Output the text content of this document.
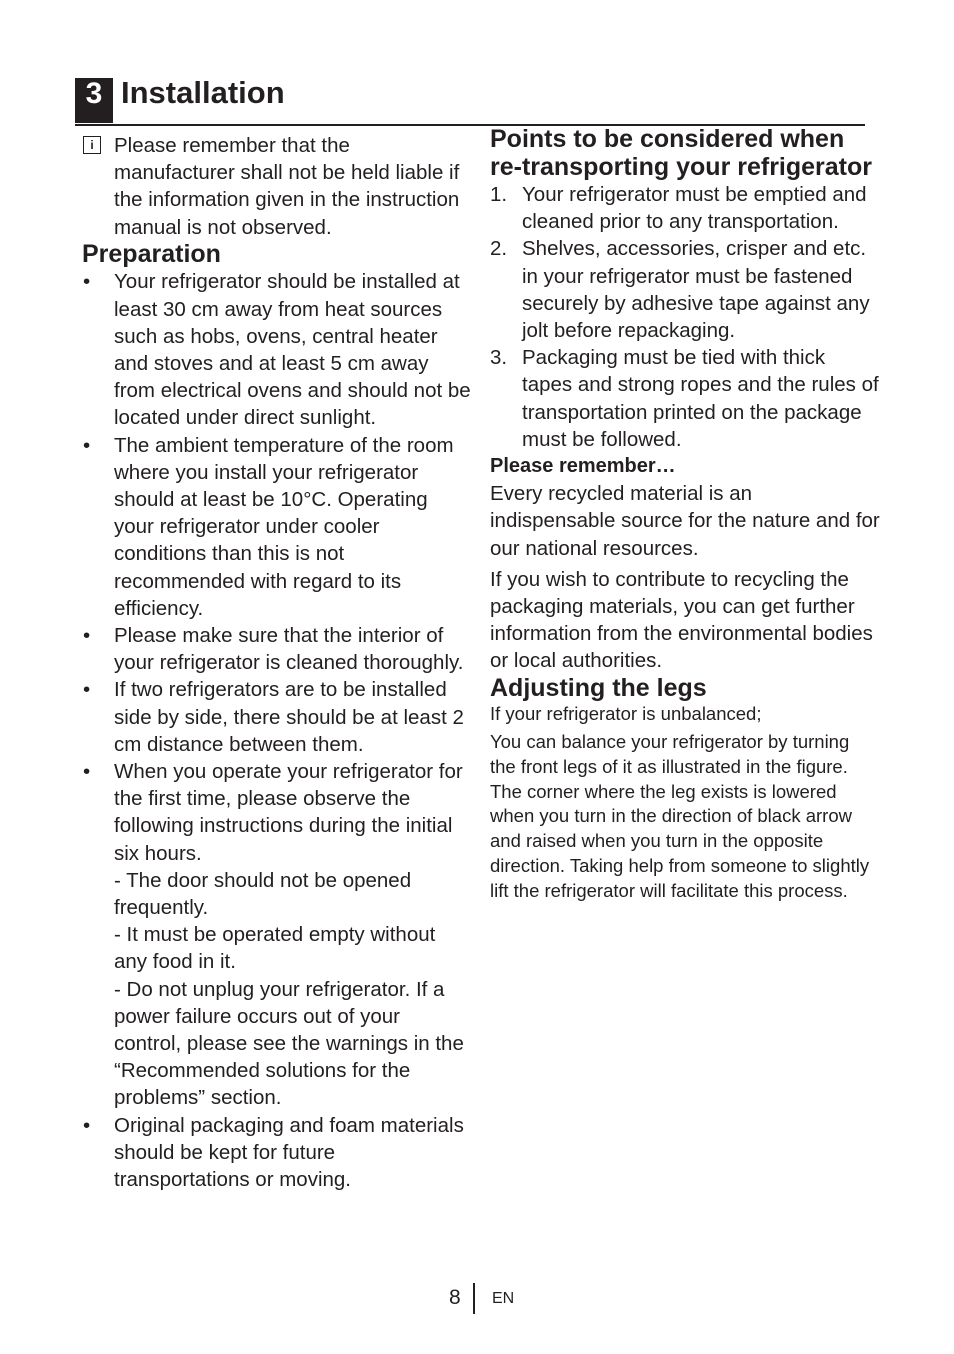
3 Installation
i Please remember that the manufacturer shall not be held liable if the information given in the instruction manual is not observed.

Preparation
• Your refrigerator should be installed at least 30 cm away from heat sources such as hobs, ovens, central heater and stoves and at least 5 cm away from electrical ovens and should not be located under direct sunlight.
• The ambient temperature of the room where you install your refrigerator should at least be 10°C. Operating your refrigerator under cooler conditions than this is not recommended with regard to its efficiency.
• Please make sure that the interior of your refrigerator is cleaned thoroughly.
• If two refrigerators are to be installed side by side, there should be at least 2 cm distance between them.
• When you operate your refrigerator for the first time, please observe the following instructions during the initial six hours.
- The door should not be opened frequently.
- It must be operated empty without any food in it.
- Do not unplug your refrigerator. If a power failure occurs out of your control, please see the warnings in the “Recommended solutions for the problems” section.
• Original packaging and foam materials should be kept for future transportations or moving.
Points to be considered when re-transporting your refrigerator
1. Your refrigerator must be emptied and cleaned prior to any transportation.
2. Shelves, accessories, crisper and etc. in your refrigerator must be fastened securely by adhesive tape against any jolt before repackaging.
3. Packaging must be tied with thick tapes and strong ropes and the rules of transportation printed on the package must be followed.

Please remember…

Every recycled material is an indispensable source for the nature and for our national resources.

If you wish to contribute to recycling the packaging materials, you can get further information from the environmental bodies or local authorities.

Adjusting the legs

If your refrigerator is unbalanced;

You can balance your refrigerator by turning the front legs of it as illustrated in the figure. The corner where the leg exists is lowered when you turn in the direction of black arrow and raised when you turn in the opposite direction. Taking help from someone to slightly lift the refrigerator will facilitate this process.

8 EN
